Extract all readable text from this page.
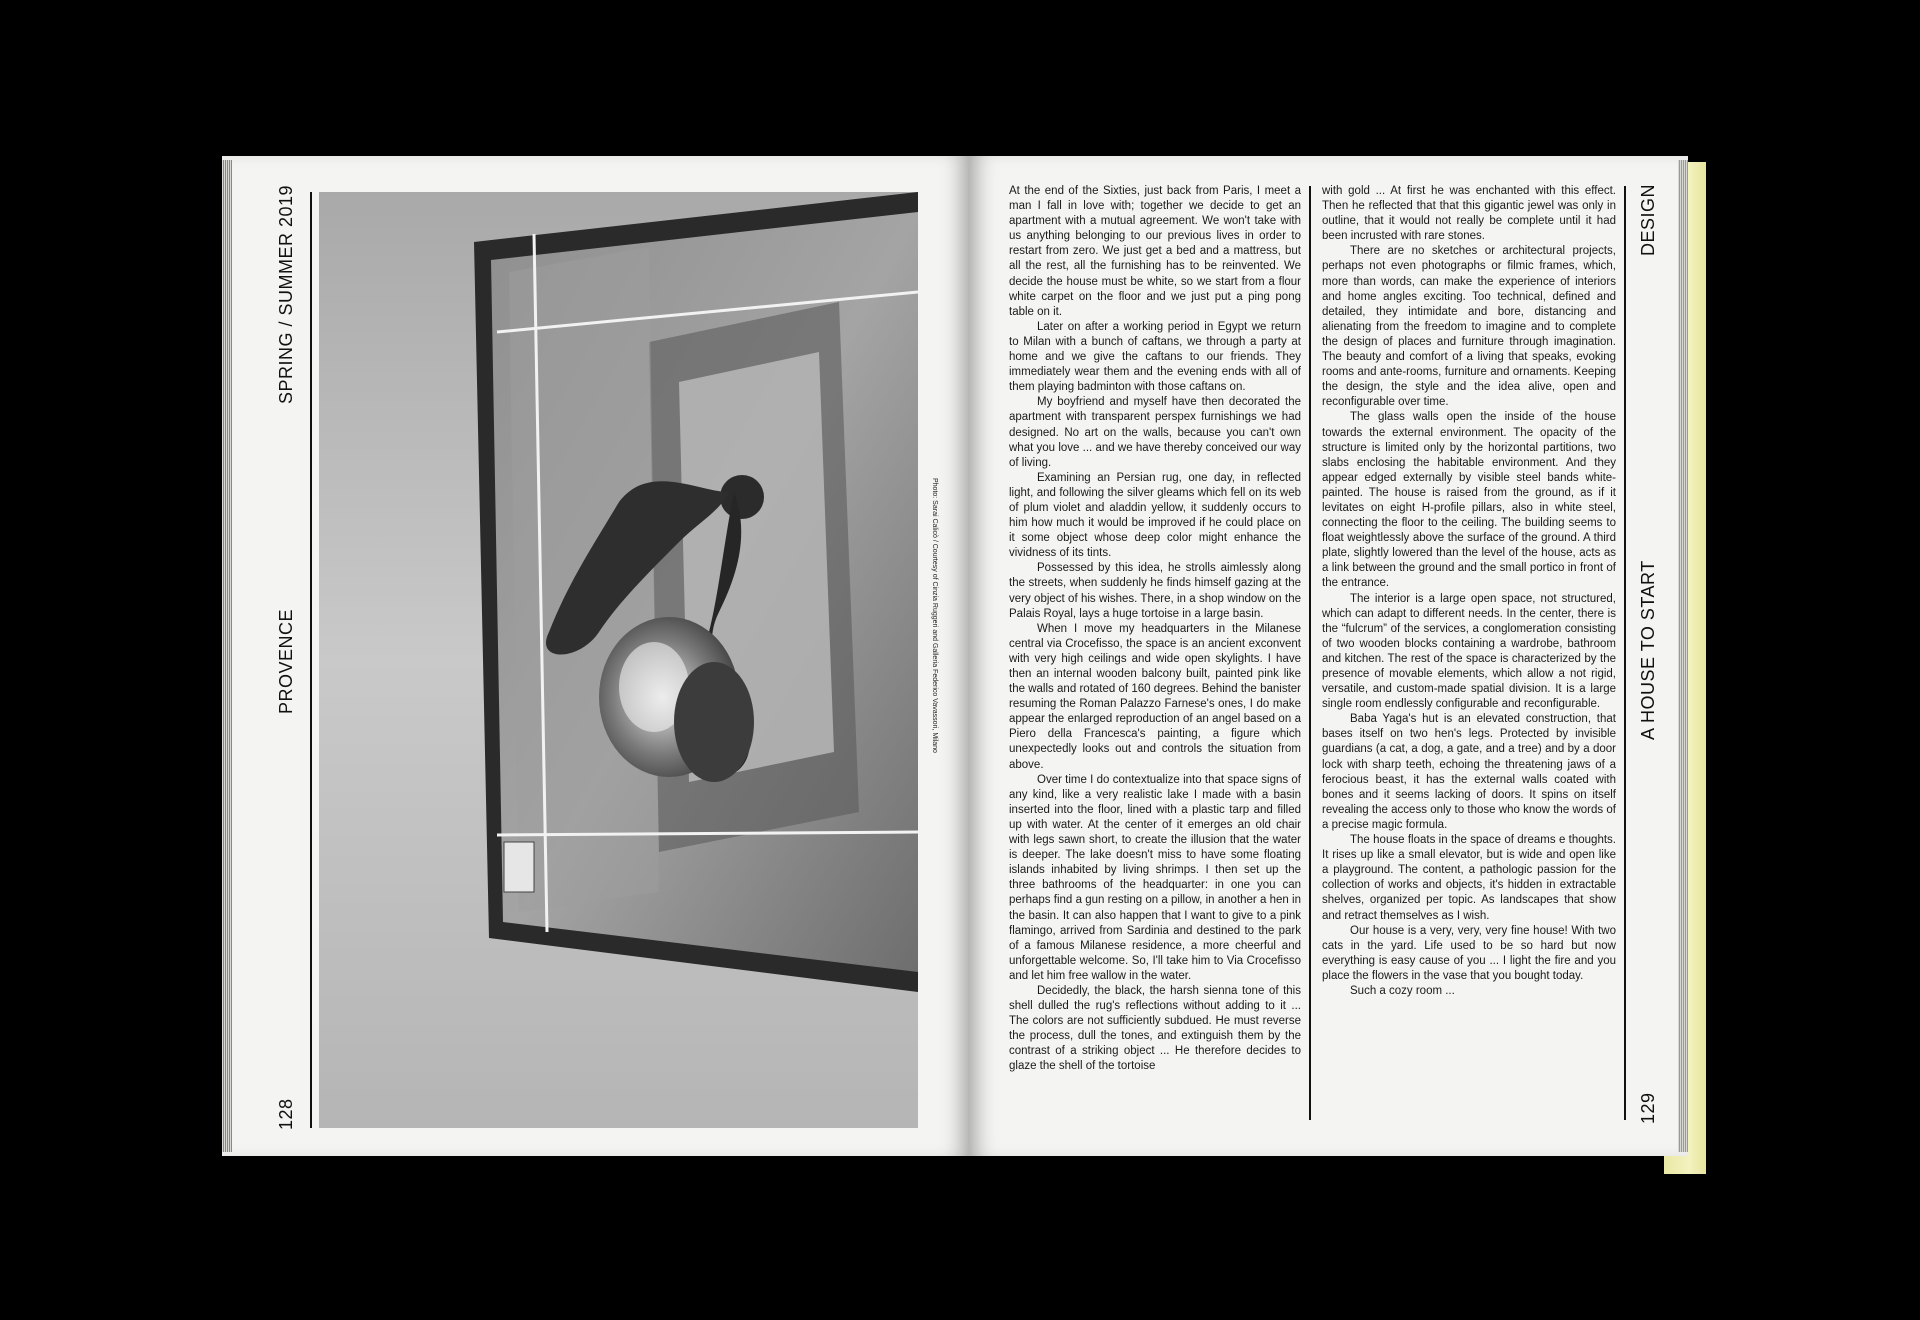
128
PROVENCE
SPRING / SUMMER 2019
Photo: Sarai Calicò / Courtesy of Cinzia Ruggeri and Galleria Federico Vavassori, Milano

At the end of the Sixties, just back from Paris, I meet a man I fall in love with; together we decide to get an apartment with a mutual agreement. We won't take with us anything belonging to our previous lives in order to restart from zero. We just get a bed and a mattress, but all the rest, all the furnishing has to be reinvented. We decide the house must be white, so we start from a flour white carpet on the floor and we just put a ping pong table on it.

Later on after a working period in Egypt we return to Milan with a bunch of caftans, we through a party at home and we give the caftans to our friends. They immediately wear them and the evening ends with all of them playing badminton with those caftans on.

My boyfriend and myself have then decorated the apartment with transparent perspex furnishings we had designed. No art on the walls, because you can't own what you love ... and we have thereby conceived our way of living.

Examining an Persian rug, one day, in reflected light, and following the silver gleams which fell on its web of plum violet and aladdin yellow, it suddenly occurs to him how much it would be improved if he could place on it some object whose deep color might enhance the vividness of its tints.

Possessed by this idea, he strolls aimlessly along the streets, when suddenly he finds himself gazing at the very object of his wishes. There, in a shop window on the Palais Royal, lays a huge tortoise in a large basin.

When I move my headquarters in the Milanese central via Crocefisso, the space is an ancient exconvent with very high ceilings and wide open skylights. I have then an internal wooden balcony built, painted pink like the walls and rotated of 160 degrees. Behind the banister resuming the Roman Palazzo Farnese's ones, I do make appear the enlarged reproduction of an angel based on a Piero della Francesca's painting, a figure which unexpectedly looks out and controls the situation from above.

Over time I do contextualize into that space signs of any kind, like a very realistic lake I made with a basin inserted into the floor, lined with a plastic tarp and filled up with water. At the center of it emerges an old chair with legs sawn short, to create the illusion that the water is deeper. The lake doesn't miss to have some floating islands inhabited by living shrimps. I then set up the three bathrooms of the headquarter: in one you can perhaps find a gun resting on a pillow, in another a hen in the basin. It can also happen that I want to give to a pink flamingo, arrived from Sardinia and destined to the park of a famous Milanese residence, a more cheerful and unforgettable welcome. So, I'll take him to Via Crocefisso and let him free wallow in the water.

Decidedly, the black, the harsh sienna tone of this shell dulled the rug's reflections without adding to it ... The colors are not sufficiently subdued. He must reverse the process, dull the tones, and extinguish them by the contrast of a striking object ... He therefore decides to glaze the shell of the tortoise

with gold ... At first he was enchanted with this effect. Then he reflected that that this gigantic jewel was only in outline, that it would not really be complete until it had been incrusted with rare stones.

There are no sketches or architectural projects, perhaps not even photographs or filmic frames, which, more than words, can make the experience of interiors and home angles exciting. Too technical, defined and detailed, they intimidate and bore, distancing and alienating from the freedom to imagine and to complete the design of places and furniture through imagination. The beauty and comfort of a living that speaks, evoking rooms and ante-rooms, furniture and ornaments. Keeping the design, the style and the idea alive, open and reconfigurable over time.

The glass walls open the inside of the house towards the external environment. The opacity of the structure is limited only by the horizontal partitions, two slabs enclosing the habitable environment. And they appear edged externally by visible steel bands white-painted. The house is raised from the ground, as if it levitates on eight H-profile pillars, also in white steel, connecting the floor to the ceiling. The building seems to float weightlessly above the surface of the ground. A third plate, slightly lowered than the level of the house, acts as a link between the ground and the small portico in front of the entrance.

The interior is a large open space, not structured, which can adapt to different needs. In the center, there is the “fulcrum” of the services, a conglomeration consisting of two wooden blocks containing a wardrobe, bathroom and kitchen. The rest of the space is characterized by the presence of movable elements, which allow a not rigid, versatile, and custom-made spatial division. It is a large single room endlessly configurable and reconfigurable.

Baba Yaga's hut is an elevated construction, that bases itself on two hen's legs. Protected by invisible guardians (a cat, a dog, a gate, and a tree) and by a door lock with sharp teeth, echoing the threatening jaws of a ferocious beast, it has the external walls coated with bones and it seems lacking of doors. It spins on itself revealing the access only to those who know the words of a precise magic formula.

The house floats in the space of dreams e thoughts. It rises up like a small elevator, but is wide and open like a playground. The content, a pathologic passion for the collection of works and objects, it's hidden in extractable shelves, organized per topic. As landscapes that show and retract themselves as I wish.

Our house is a very, very, very fine house! With two cats in the yard. Life used to be so hard but now everything is easy cause of you ... I light the fire and you place the flowers in the vase that you bought today.

Such a cozy room ...

DESIGN
A HOUSE TO START
129
